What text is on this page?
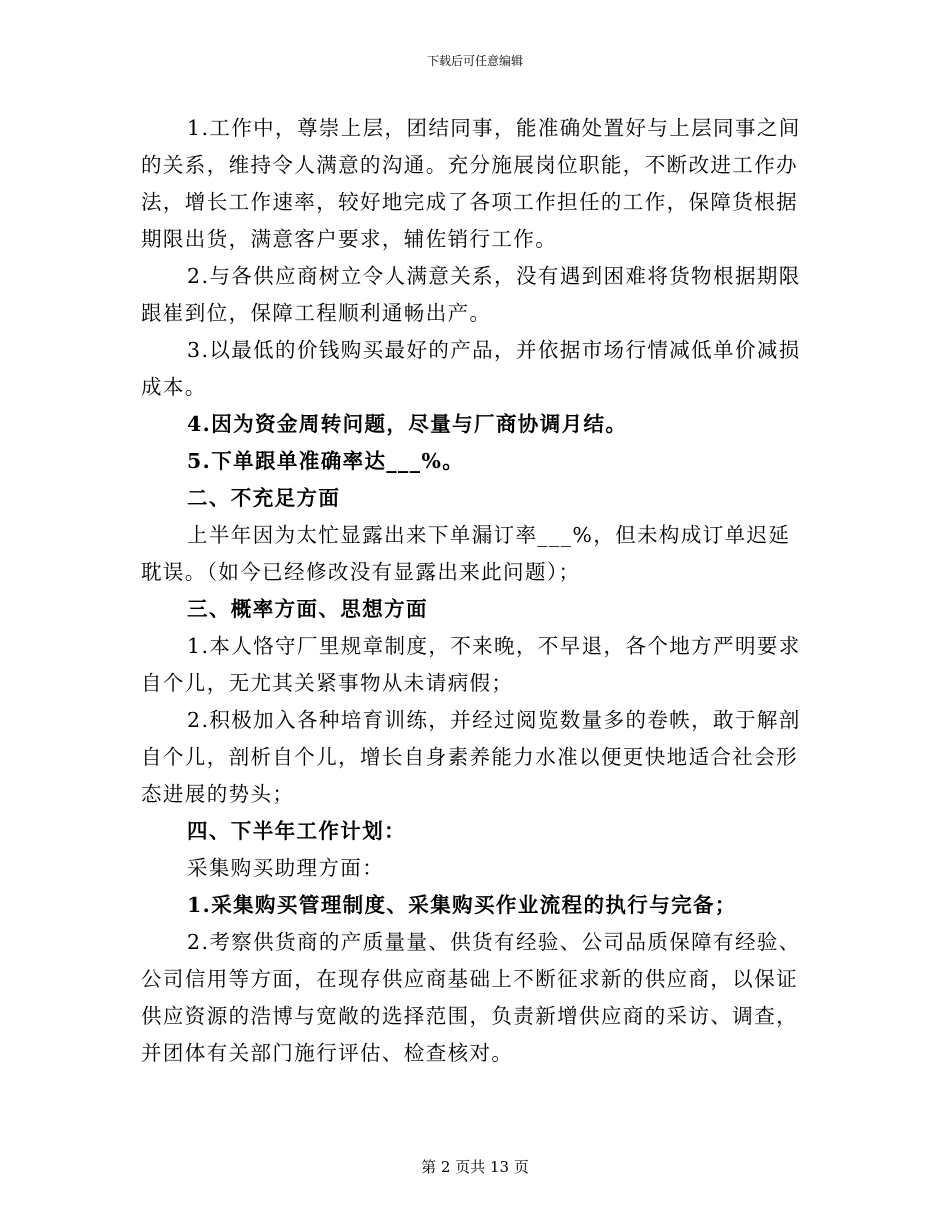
下载后可任意编辑

1.工作中，尊崇上层，团结同事，能准确处置好与上层同事之间的关系，维持令人满意的沟通。充分施展岗位职能，不断改进工作办法，增长工作速率，较好地完成了各项工作担任的工作，保障货根据期限出货，满意客户要求，辅佐销行工作。

2.与各供应商树立令人满意关系，没有遇到困难将货物根据期限跟崔到位，保障工程顺利通畅出产。

3.以最低的价钱购买最好的产品，并依据市场行情减低单价减损成本。

4.因为资金周转问题，尽量与厂商协调月结。

5.下单跟单准确率达___%。

二、不充足方面

上半年因为太忙显露出来下单漏订率___%，但未构成订单迟延耽误。（如今已经修改没有显露出来此问题）；

三、概率方面、思想方面

1.本人恪守厂里规章制度，不来晚，不早退，各个地方严明要求自个儿，无尤其关紧事物从未请病假；

2.积极加入各种培育训练，并经过阅览数量多的卷帙，敢于解剖自个儿，剖析自个儿，增长自身素养能力水准以便更快地适合社会形态进展的势头；

四、下半年工作计划：

采集购买助理方面：

1.采集购买管理制度、采集购买作业流程的执行与完备；

2.考察供货商的产质量量、供货有经验、公司品质保障有经验、公司信用等方面，在现存供应商基础上不断征求新的供应商，以保证供应资源的浩博与宽敞的选择范围，负责新增供应商的采访、调查，并团体有关部门施行评估、检查核对。

第 2 页共 13 页
